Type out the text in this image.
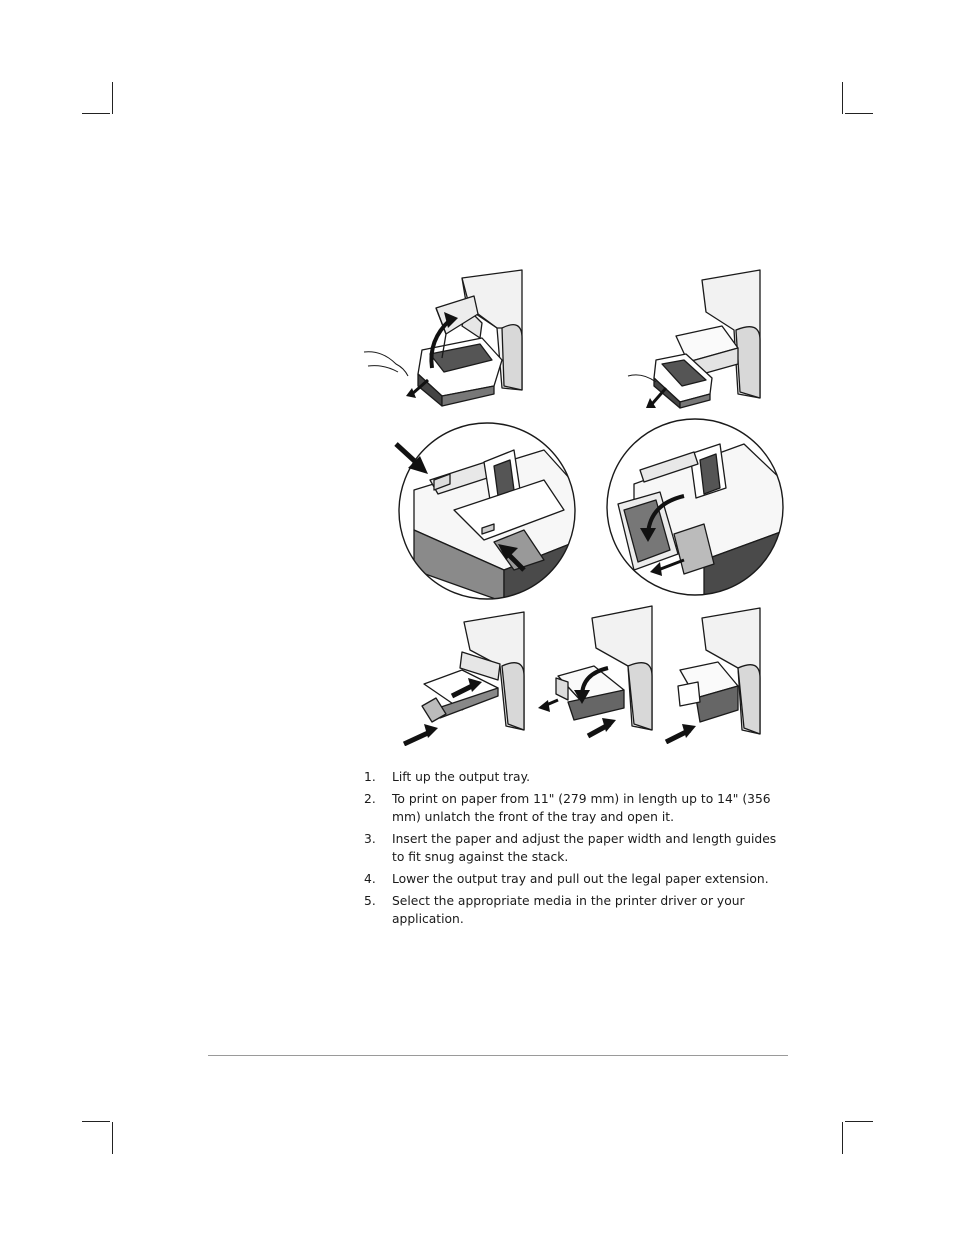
1. Lift up the output tray.
2. To print on paper from 11" (279 mm) in length up to 14" (356 mm) unlatch the front of the tray and open it.
3. Insert the paper and adjust the paper width and length guides to fit snug against the stack.
4. Lower the output tray and pull out the legal paper extension.
5. Select the appropriate media in the printer driver or your application.
